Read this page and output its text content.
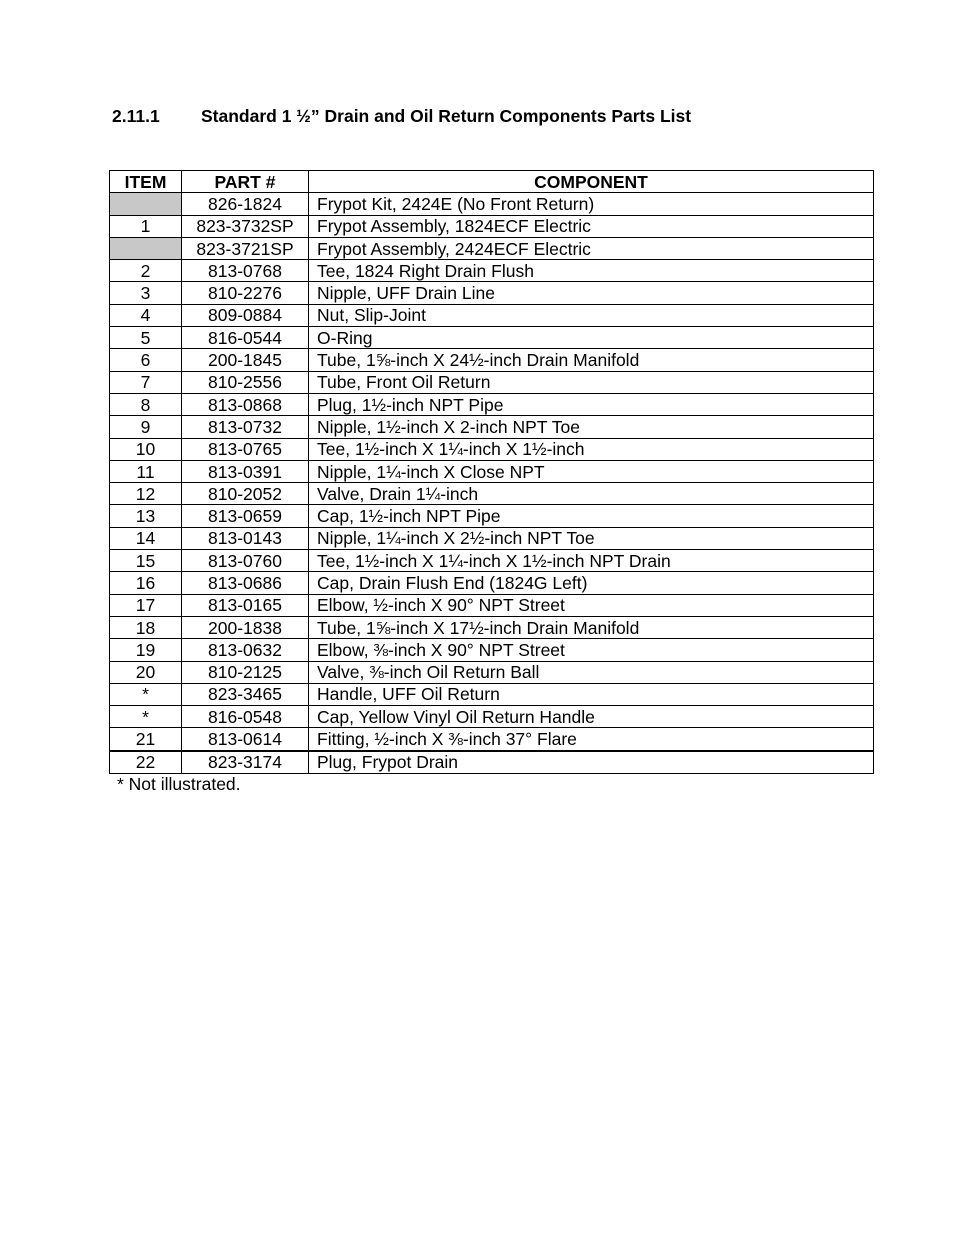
2.11.1 Standard 1 ½” Drain and Oil Return Components Parts List
ITEM	PART #	COMPONENT
	826-1824	Frypot Kit, 2424E (No Front Return)
1	823-3732SP	Frypot Assembly, 1824ECF Electric
	823-3721SP	Frypot Assembly, 2424ECF Electric
2	813-0768	Tee, 1824 Right Drain Flush
3	810-2276	Nipple, UFF Drain Line
4	809-0884	Nut, Slip-Joint
5	816-0544	O-Ring
6	200-1845	Tube, 1⅝-inch X 24½-inch Drain Manifold
7	810-2556	Tube, Front Oil Return
8	813-0868	Plug, 1½-inch NPT Pipe
9	813-0732	Nipple, 1½-inch X 2-inch NPT Toe
10	813-0765	Tee, 1½-inch X 1¼-inch X 1½-inch
11	813-0391	Nipple, 1¼-inch X Close NPT
12	810-2052	Valve, Drain 1¼-inch
13	813-0659	Cap, 1½-inch NPT Pipe
14	813-0143	Nipple, 1¼-inch X 2½-inch NPT Toe
15	813-0760	Tee, 1½-inch X 1¼-inch X 1½-inch NPT Drain
16	813-0686	Cap, Drain Flush End (1824G Left)
17	813-0165	Elbow, ½-inch X 90° NPT Street
18	200-1838	Tube, 1⅝-inch X 17½-inch Drain Manifold
19	813-0632	Elbow, ⅜-inch X 90° NPT Street
20	810-2125	Valve, ⅜-inch Oil Return Ball
*	823-3465	Handle, UFF Oil Return
*	816-0548	Cap, Yellow Vinyl Oil Return Handle
21	813-0614	Fitting, ½-inch X ⅜-inch 37° Flare
22	823-3174	Plug, Frypot Drain
* Not illustrated.
